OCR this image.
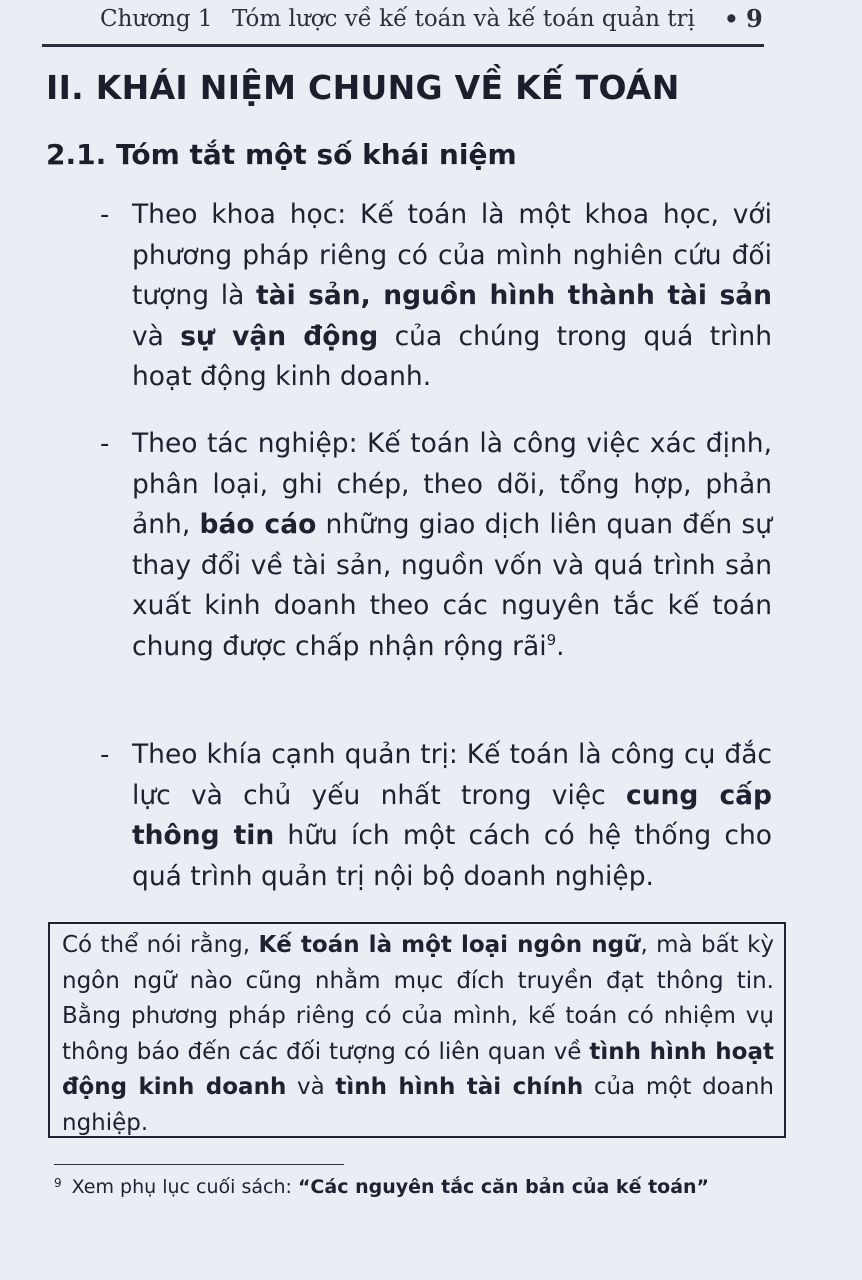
Chương 1 Tóm lược về kế toán và kế toán quản trị • 9
II. KHÁI NIỆM CHUNG VỀ KẾ TOÁN
2.1. Tóm tắt một số khái niệm
- Theo khoa học: Kế toán là một khoa học, với phương pháp riêng có của mình nghiên cứu đối tượng là tài sản, nguồn hình thành tài sản và sự vận động của chúng trong quá trình hoạt động kinh doanh.
- Theo tác nghiệp: Kế toán là công việc xác định, phân loại, ghi chép, theo dõi, tổng hợp, phản ảnh, báo cáo những giao dịch liên quan đến sự thay đổi về tài sản, nguồn vốn và quá trình sản xuất kinh doanh theo các nguyên tắc kế toán chung được chấp nhận rộng rãi$^9$.
- Theo khía cạnh quản trị: Kế toán là công cụ đắc lực và chủ yếu nhất trong việc cung cấp thông tin hữu ích một cách có hệ thống cho quá trình quản trị nội bộ doanh nghiệp.
Có thể nói rằng, Kế toán là một loại ngôn ngữ, mà bất kỳ ngôn ngữ nào cũng nhằm mục đích truyền đạt thông tin. Bằng phương pháp riêng có của mình, kế toán có nhiệm vụ thông báo đến các đối tượng có liên quan về tình hình hoạt động kinh doanh và tình hình tài chính của một doanh nghiệp.
$^9$ Xem phụ lục cuối sách: “Các nguyên tắc căn bản của kế toán”
